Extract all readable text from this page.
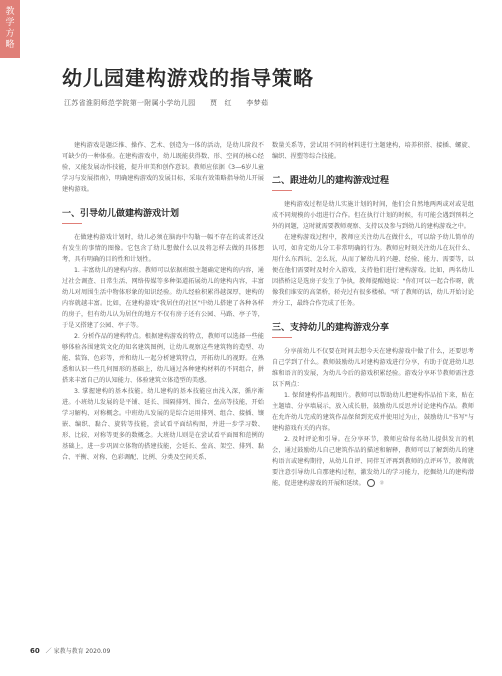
教
学
方
略
幼儿园建构游戏的指导策略
江苏省淮阴师范学院第一附属小学幼儿园 贾　红 李梦茹

建构游戏是题泛推、操作、艺术、创造为一体的活动，是幼儿阶段不可缺少的一种体验。在建构游戏中，幼儿既能获得数、形、空间的核心经验，又能发展动作技能，提升审美和创作意识。教师应依据《3—6岁儿童学习与发展指南》，明确建构游戏的发展目标，采取有效策略指导幼儿开展建构游戏。

一、引导幼儿做建构游戏计划

在做建构游戏计划时，幼儿必须在脑海中勾勒一幅不存在的或者还没有发生的事情的图像。它包含了幼儿想做什么以及将怎样去做的具体想考，具有明确的目的性和计划性。

1. 丰富幼儿的建构内容。教师可以依据班级主题确定建构的内容，通过社会调查、日常生活、网络传媒等多种渠道拓展幼儿的建构内容，丰富幼儿对周围生活中物体形象的知识经验。幼儿经验积累得越深厚，建构的内容就越丰富。比如，在建构游戏"我居住的社区"中幼儿搭建了各种各样的房子，但有幼儿认为居住的地方不仅有房子还有公园、马路、亭子等，于是又搭建了公园、亭子等。

2. 分析作品的建构特点。根据建构游戏的特点，教师可以选择一些能够体验各围建筑文化的知名建筑图例，让幼儿观察这些建筑物的造型、功能、装饰、色彩等，并和幼儿一起分析建筑特点，开拓幼儿的视野。在熟悉和认识一些几何图形的基础上，幼儿通过各种建构材料的不同组合，拼搭来丰富自己的认知能力、体验建筑立体造型的美感。

3. 掌握建构的基本技能。幼儿建构的基本技能应由浅入深，循序渐进。小班幼儿发展的是平铺、延长、围隔排列、围合、垒高等技能，开始学习解构、对称概念。中班幼儿发展的是综合运用排列、组合、接插、镶嵌、编织、黏合、旋转等技能，尝试看平面结构图，并进一步学习数、形、比较、对称等更多的数概念。大班幼儿则是在尝试看平面图和范例的基础上，进一步巩固立体物的搭建技能，会延长、垒高、架空、排列、黏合、平衡、对称、色彩调配、比例、分类及空间关系、

数量关系等，尝试用不同的材料进行主题建构，培养积搭、接插、螺旋、编织、捏塑等综合技能。

二、跟进幼儿的建构游戏过程

建构游戏过程是幼儿实施计划的时间，他们会自然地两两或对或是组成不同规模的小组进行合作。但在执行计划的时候，有可能会遇到预料之外的问题，这时就需要教师观察、支持以及参与到幼儿的建构游戏之中。

在建构游戏过程中，教师应关注幼儿在做什么，可以给予幼儿简单的认可，如肯定幼儿分工非常明确的行为。教师应时刻关注幼儿在玩什么、用什么东西玩、怎么玩，从而了解幼儿的兴趣、经验、能力、需要等，以便在他们需要时及时介入游戏，支持他们进行建构游戏。比如，两名幼儿因搭桥这是选房子发生了争执，教师提醒她说："你们可以一起合作呀，就像我们谁安的高架桥，轿壳过有很多楼梯。"听了教师的话，幼儿开始讨论并分工，最终合作完成了任务。

三、支持幼儿的建构游戏分享

分享前幼儿不仅要在时间去想今天在建构游戏中做了什么，还要思考自己学到了什么。教师鼓励幼儿对建构游戏进行分享，有助于促进幼儿思维和语言的发展，为幼儿今后的游戏积累经验。游戏分享环节教师需注意以下两点：

1. 保留建构作品观图片。教师可以帮助幼儿把建构作品拍下来，贴在主题墙、分享墙展示，放入成长册，鼓励幼儿反思并讨论建构作品。教师在允许幼儿完成的建筑作品保留到充成并使用过为止，鼓励幼儿"书写"与建构游戏有关的内容。

2. 及时评论和引导。在分享环节，教师应给每名幼儿提供发言的机会，通过鼓励幼儿自己建筑作品的描述和解释，教师可以了解到幼儿的建构语言或建构期待，从幼儿自评、同伴互评再到教师的点评环节，教师就要注意引导幼儿自那建构过程，激发幼儿的学习能力，挖掘幼儿的建构潜能，促进建构游戏的开展和延续。	⑬

60 ／ 家教与教育 2020.09
